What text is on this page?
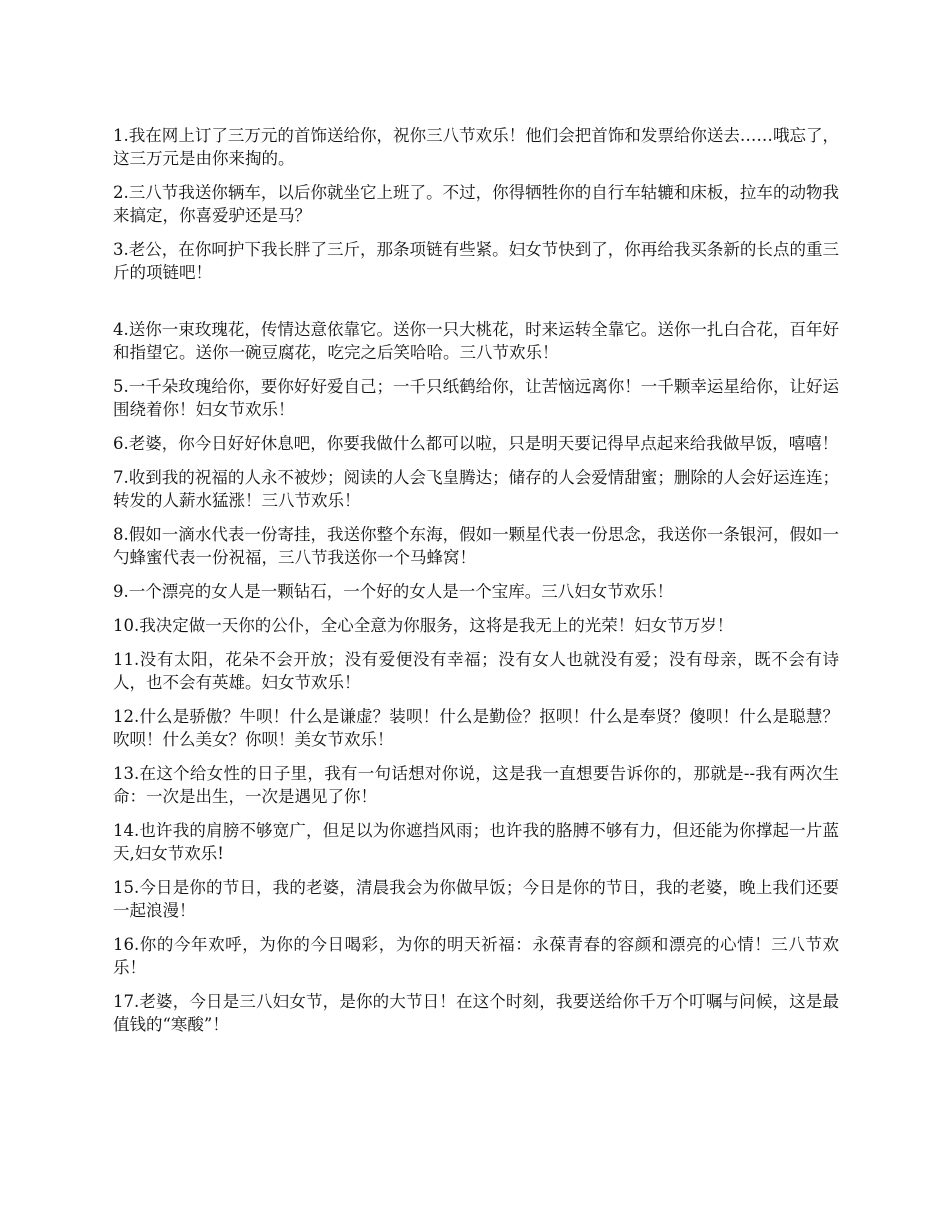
1.我在网上订了三万元的首饰送给你，祝你三八节欢乐！他们会把首饰和发票给你送去……哦忘了，这三万元是由你来掏的。

2.三八节我送你辆车，以后你就坐它上班了。不过，你得牺牲你的自行车轱辘和床板，拉车的动物我来搞定，你喜爱驴还是马？

3.老公，在你呵护下我长胖了三斤，那条项链有些紧。妇女节快到了，你再给我买条新的长点的重三斤的项链吧！

4.送你一束玫瑰花，传情达意依靠它。送你一只大桃花，时来运转全靠它。送你一扎白合花，百年好和指望它。送你一碗豆腐花，吃完之后笑哈哈。三八节欢乐！

5.一千朵玫瑰给你，要你好好爱自己；一千只纸鹤给你，让苦恼远离你！一千颗幸运星给你，让好运围绕着你！妇女节欢乐！

6.老婆，你今日好好休息吧，你要我做什么都可以啦，只是明天要记得早点起来给我做早饭，嘻嘻！

7.收到我的祝福的人永不被炒；阅读的人会飞皇腾达；储存的人会爱情甜蜜；删除的人会好运连连；转发的人薪水猛涨！三八节欢乐！

8.假如一滴水代表一份寄挂，我送你整个东海，假如一颗星代表一份思念，我送你一条银河，假如一勺蜂蜜代表一份祝福，三八节我送你一个马蜂窝！

9.一个漂亮的女人是一颗钻石，一个好的女人是一个宝库。三八妇女节欢乐！

10.我决定做一天你的公仆，全心全意为你服务，这将是我无上的光荣！妇女节万岁！

11.没有太阳，花朵不会开放；没有爱便没有幸福；没有女人也就没有爱；没有母亲，既不会有诗人，也不会有英雄。妇女节欢乐！

12.什么是骄傲？牛呗！什么是谦虚？装呗！什么是勤俭？抠呗！什么是奉贤？傻呗！什么是聪慧？吹呗！什么美女？你呗！美女节欢乐！

13.在这个给女性的日子里，我有一句话想对你说，这是我一直想要告诉你的，那就是--我有两次生命：一次是出生，一次是遇见了你！

14.也许我的肩膀不够宽广，但足以为你遮挡风雨；也许我的胳膊不够有力，但还能为你撑起一片蓝天,妇女节欢乐!

15.今日是你的节日，我的老婆，清晨我会为你做早饭；今日是你的节日，我的老婆，晚上我们还要一起浪漫！

16.你的今年欢呼，为你的今日喝彩，为你的明天祈福：永葆青春的容颜和漂亮的心情！三八节欢乐！

17.老婆，今日是三八妇女节，是你的大节日！在这个时刻，我要送给你千万个叮嘱与问候，这是最值钱的“寒酸”！
